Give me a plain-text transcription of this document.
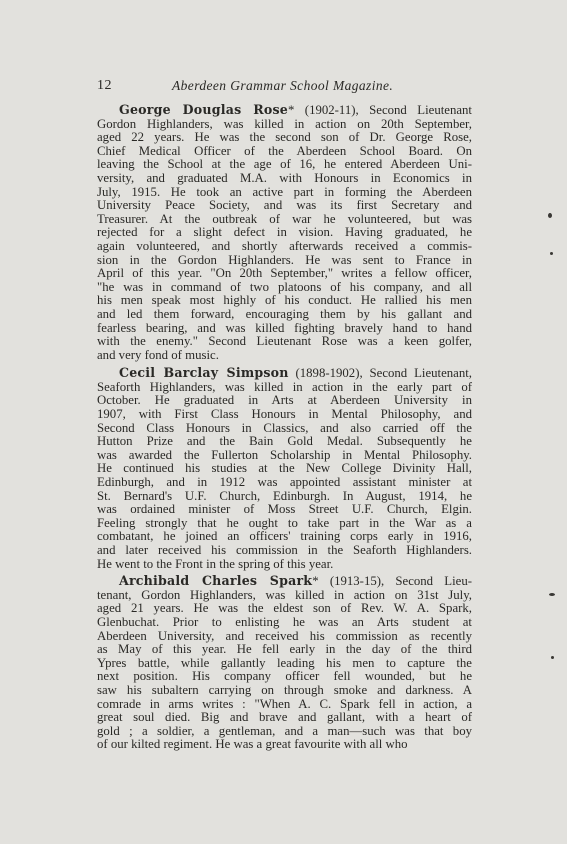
12	Aberdeen Grammar School Magazine.
George Douglas Rose* (1902-11), Second Lieutenant
Gordon Highlanders, was killed in action on 20th September,
aged 22 years. He was the second son of Dr. George Rose,
Chief Medical Officer of the Aberdeen School Board. On
leaving the School at the age of 16, he entered Aberdeen Uni-
versity, and graduated M.A. with Honours in Economics in
July, 1915. He took an active part in forming the Aberdeen
University Peace Society, and was its first Secretary and
Treasurer. At the outbreak of war he volunteered, but was
rejected for a slight defect in vision. Having graduated, he
again volunteered, and shortly afterwards received a commis-
sion in the Gordon Highlanders. He was sent to France in
April of this year. "On 20th September," writes a fellow officer,
"he was in command of two platoons of his company, and all
his men speak most highly of his conduct. He rallied his men
and led them forward, encouraging them by his gallant and
fearless bearing, and was killed fighting bravely hand to hand
with the enemy." Second Lieutenant Rose was a keen golfer,
and very fond of music.
Cecil Barclay Simpson (1898-1902), Second Lieutenant,
Seaforth Highlanders, was killed in action in the early part of
October. He graduated in Arts at Aberdeen University in
1907, with First Class Honours in Mental Philosophy, and
Second Class Honours in Classics, and also carried off the
Hutton Prize and the Bain Gold Medal. Subsequently he
was awarded the Fullerton Scholarship in Mental Philosophy.
He continued his studies at the New College Divinity Hall,
Edinburgh, and in 1912 was appointed assistant minister at
St. Bernard's U.F. Church, Edinburgh. In August, 1914, he
was ordained minister of Moss Street U.F. Church, Elgin.
Feeling strongly that he ought to take part in the War as a
combatant, he joined an officers' training corps early in 1916,
and later received his commission in the Seaforth Highlanders.
He went to the Front in the spring of this year.
Archibald Charles Spark* (1913-15), Second Lieu-
tenant, Gordon Highlanders, was killed in action on 31st July,
aged 21 years. He was the eldest son of Rev. W. A. Spark,
Glenbuchat. Prior to enlisting he was an Arts student at
Aberdeen University, and received his commission as recently
as May of this year. He fell early in the day of the third
Ypres battle, while gallantly leading his men to capture the
next position. His company officer fell wounded, but he
saw his subaltern carrying on through smoke and darkness. A
comrade in arms writes : "When A. C. Spark fell in action, a
great soul died. Big and brave and gallant, with a heart of
gold ; a soldier, a gentleman, and a man—such was that boy
of our kilted regiment. He was a great favourite with all who
